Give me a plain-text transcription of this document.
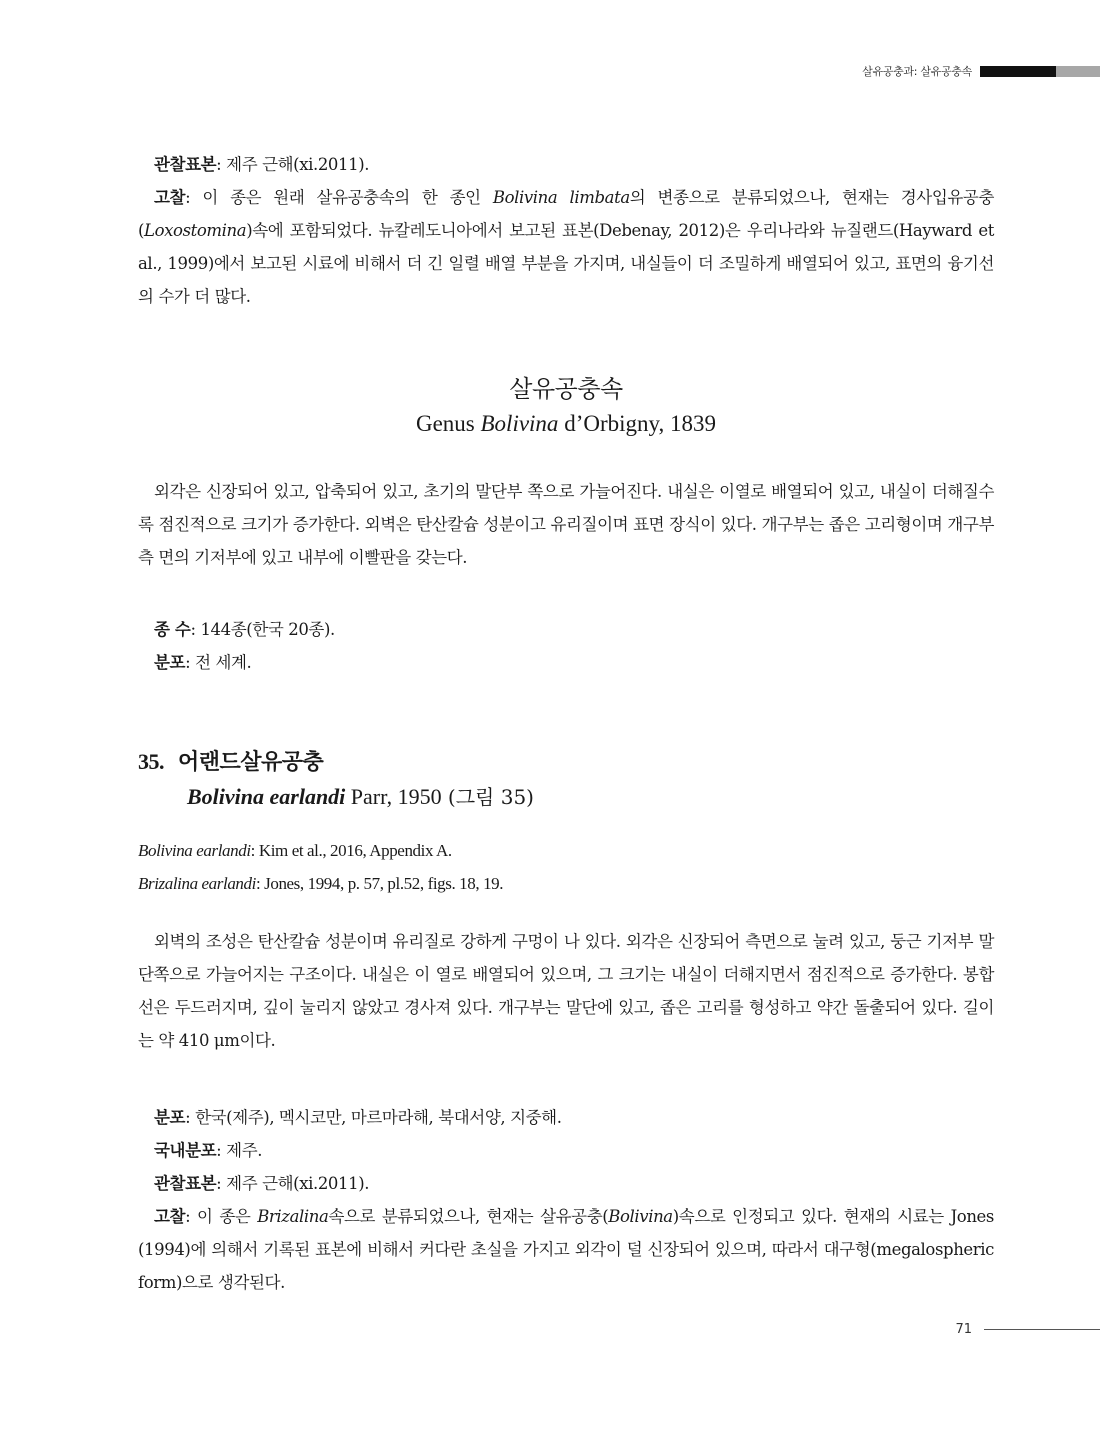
살유공충과: 살유공충속

관찰표본: 제주 근해(xi.2011).

고찰: 이 종은 원래 살유공충속의 한 종인 Bolivina limbata의 변종으로 분류되었으나, 현재는 경사입유공충(Loxostomina)속에 포함되었다. 뉴칼레도니아에서 보고된 표본(Debenay, 2012)은 우리나라와 뉴질랜드(Hayward et al., 1999)에서 보고된 시료에 비해서 더 긴 일렬 배열 부분을 가지며, 내실들이 더 조밀하게 배열되어 있고, 표면의 융기선의 수가 더 많다.

살유공충속
Genus Bolivina d’Orbigny, 1839

외각은 신장되어 있고, 압축되어 있고, 초기의 말단부 쪽으로 가늘어진다. 내실은 이열로 배열되어 있고, 내실이 더해질수록 점진적으로 크기가 증가한다. 외벽은 탄산칼슘 성분이고 유리질이며 표면 장식이 있다. 개구부는 좁은 고리형이며 개구부측 면의 기저부에 있고 내부에 이빨판을 갖는다.

종 수: 144종(한국 20종).

분포: 전 세계.

35. 어랜드살유공충
Bolivina earlandi Parr, 1950 (그림 35)

Bolivina earlandi: Kim et al., 2016, Appendix A.

Brizalina earlandi: Jones, 1994, p. 57, pl.52, figs. 18, 19.

외벽의 조성은 탄산칼슘 성분이며 유리질로 강하게 구멍이 나 있다. 외각은 신장되어 측면으로 눌려 있고, 둥근 기저부 말단쪽으로 가늘어지는 구조이다. 내실은 이 열로 배열되어 있으며, 그 크기는 내실이 더해지면서 점진적으로 증가한다. 봉합선은 두드러지며, 깊이 눌리지 않았고 경사져 있다. 개구부는 말단에 있고, 좁은 고리를 형성하고 약간 돌출되어 있다. 길이는 약 410 μm이다.

분포: 한국(제주), 멕시코만, 마르마라해, 북대서양, 지중해.

국내분포: 제주.

관찰표본: 제주 근해(xi.2011).

고찰: 이 종은 Brizalina속으로 분류되었으나, 현재는 살유공충(Bolivina)속으로 인정되고 있다. 현재의 시료는 Jones (1994)에 의해서 기록된 표본에 비해서 커다란 초실을 가지고 외각이 덜 신장되어 있으며, 따라서 대구형(megalospheric form)으로 생각된다.

71
